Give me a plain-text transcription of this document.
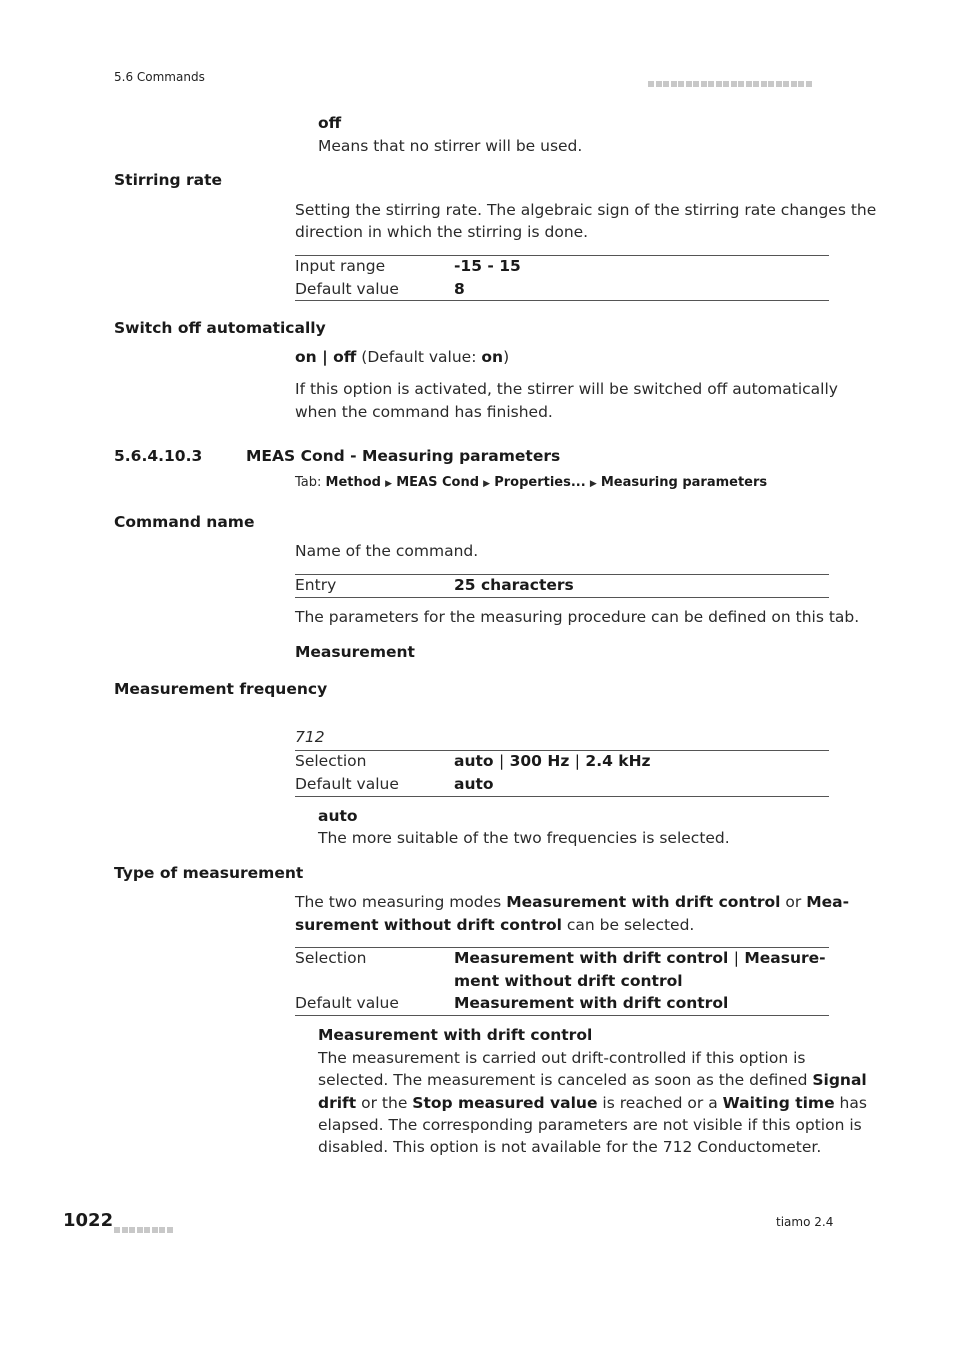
5.6 Commands
off
Means that no stirrer will be used.
Stirring rate
Setting the stirring rate. The algebraic sign of the stirring rate changes the
direction in which the stirring is done.
Input range	-15 - 15
Default value	8
Switch off automatically
on | off (Default value: on)
If this option is activated, the stirrer will be switched off automatically
when the command has finished.
5.6.4.10.3	MEAS Cond - Measuring parameters
Tab: Method ▶ MEAS Cond ▶ Properties... ▶ Measuring parameters
Command name
Name of the command.
Entry	25 characters
The parameters for the measuring procedure can be defined on this tab.
Measurement
Measurement frequency
712
Selection	auto | 300 Hz | 2.4 kHz
Default value	auto
auto
The more suitable of the two frequencies is selected.
Type of measurement
The two measuring modes Measurement with drift control or Mea-
surement without drift control can be selected.
Selection	Measurement with drift control | Measure-
ment without drift control
Default value	Measurement with drift control
Measurement with drift control
The measurement is carried out drift-controlled if this option is
selected. The measurement is canceled as soon as the defined Signal
drift or the Stop measured value is reached or a Waiting time has
elapsed. The corresponding parameters are not visible if this option is
disabled. This option is not available for the 712 Conductometer.
1022	tiamo 2.4
